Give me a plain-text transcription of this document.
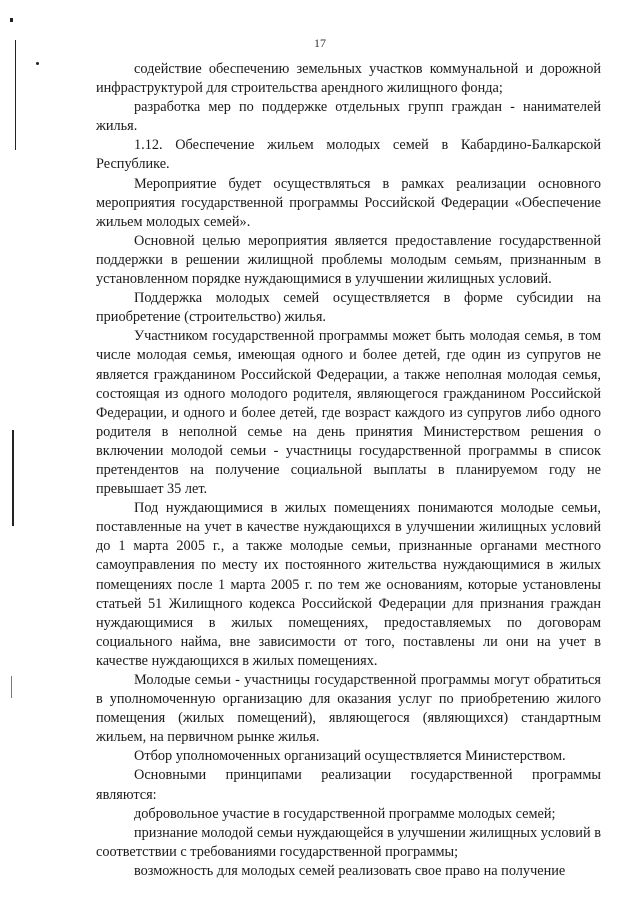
17

содействие обеспечению земельных участков коммунальной и дорожной инфраструктурой для строительства арендного жилищного фонда;

разработка мер по поддержке отдельных групп граждан - нанимателей жилья.

1.12. Обеспечение жильем молодых семей в Кабардино-Балкарской Республике.

Мероприятие будет осуществляться в рамках реализации основного мероприятия государственной программы Российской Федерации «Обеспечение жильем молодых семей».

Основной целью мероприятия является предоставление государственной поддержки в решении жилищной проблемы молодым семьям, признанным в установленном порядке нуждающимися в улучшении жилищных условий.

Поддержка молодых семей осуществляется в форме субсидии на приобретение (строительство) жилья.

Участником государственной программы может быть молодая семья, в том числе молодая семья, имеющая одного и более детей, где один из супругов не является гражданином Российской Федерации, а также неполная молодая семья, состоящая из одного молодого родителя, являющегося гражданином Российской Федерации, и одного и более детей, где возраст каждого из супругов либо одного родителя в неполной семье на день принятия Министерством решения о включении молодой семьи - участницы государственной программы в список претендентов на получение социальной выплаты в планируемом году не превышает 35 лет.

Под нуждающимися в жилых помещениях понимаются молодые семьи, поставленные на учет в качестве нуждающихся в улучшении жилищных условий до 1 марта 2005 г., а также молодые семьи, признанные органами местного самоуправления по месту их постоянного жительства нуждающимися в жилых помещениях после 1 марта 2005 г. по тем же основаниям, которые установлены статьей 51 Жилищного кодекса Российской Федерации для признания граждан нуждающимися в жилых помещениях, предоставляемых по договорам социального найма, вне зависимости от того, поставлены ли они на учет в качестве нуждающихся в жилых помещениях.

Молодые семьи - участницы государственной программы могут обратиться в уполномоченную организацию для оказания услуг по приобретению жилого помещения (жилых помещений), являющегося (являющихся) стандартным жильем, на первичном рынке жилья.

Отбор уполномоченных организаций осуществляется Министерством.

Основными принципами реализации государственной программы являются:

добровольное участие в государственной программе молодых семей;

признание молодой семьи нуждающейся в улучшении жилищных условий в соответствии с требованиями государственной программы;

возможность для молодых семей реализовать свое право на получение
